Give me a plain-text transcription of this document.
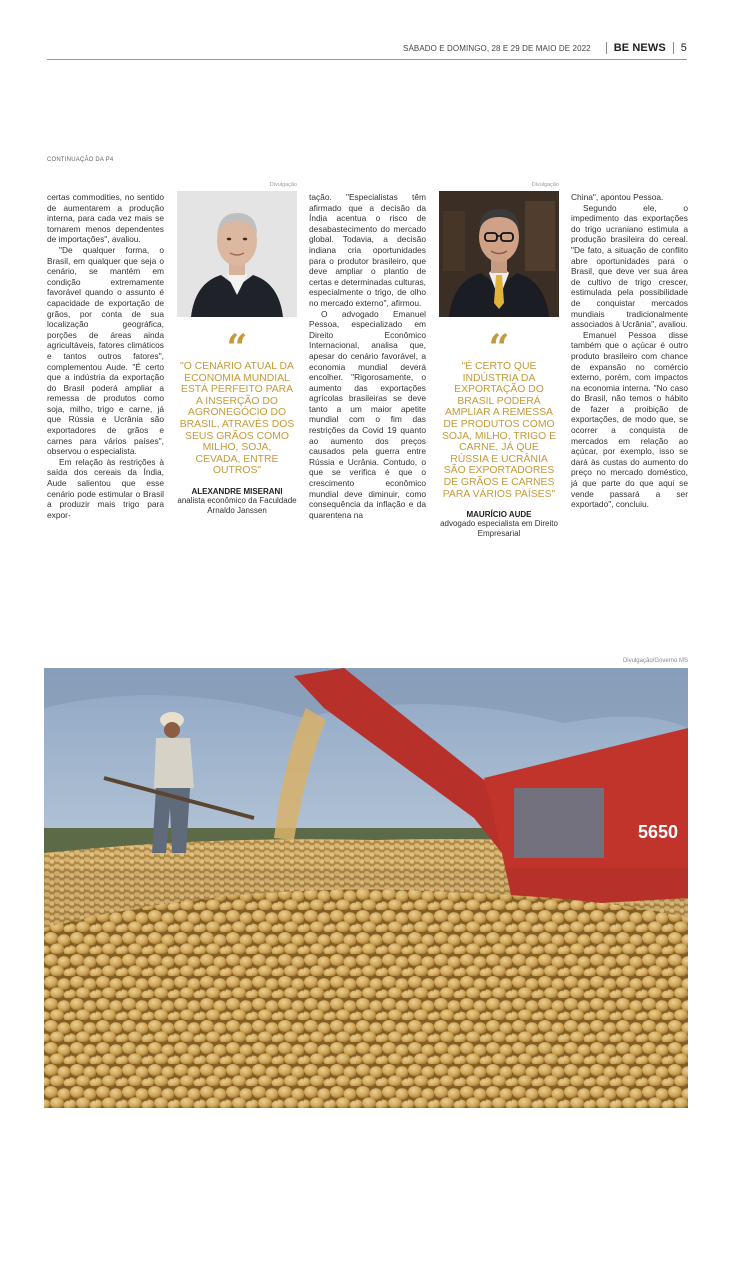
SÁBADO E DOMINGO, 28 E 29 DE MAIO DE 2022 BE NEWS 5
CONTINUAÇÃO DA P4

certas commodities, no sentido de aumentarem a produção interna, para cada vez mais se tornarem menos dependentes de importações", avaliou.

"De qualquer forma, o Brasil, em qualquer que seja o cenário, se mantém em condição extremamente favorável quando o assunto é capacidade de exportação de grãos, por conta de sua localização geográfica, porções de áreas ainda agricultáveis, fatores climáticos e tantos outros fatores", complementou Aude. "É certo que a indústria da exportação do Brasil poderá ampliar a remessa de produtos como soja, milho, trigo e carne, já que Rússia e Ucrânia são exportadores de grãos e carnes para vários países", observou o especialista.

Em relação às restrições à saída dos cereais da Índia, Aude salientou que esse cenário pode estimular o Brasil a produzir mais trigo para expor-

Divulgação
“
"O CENÁRIO ATUAL DA ECONOMIA MUNDIAL ESTÁ PERFEITO PARA A INSERÇÃO DO AGRONEGÓCIO DO BRASIL, ATRAVÉS DOS SEUS GRÃOS COMO MILHO, SOJA, CEVADA, ENTRE OUTROS"
ALEXANDRE MISERANI
analista econômico da Faculdade Arnaldo Janssen

tação. "Especialistas têm afirmado que a decisão da Índia acentua o risco de desabastecimento do mercado global. Todavia, a decisão indiana cria oportunidades para o produtor brasileiro, que deve ampliar o plantio de certas e determinadas culturas, especialmente o trigo, de olho no mercado externo", afirmou.

O advogado Emanuel Pessoa, especializado em Direito Econômico Internacional, analisa que, apesar do cenário favorável, a economia mundial deverá encolher. "Rigorosamente, o aumento das exportações agrícolas brasileiras se deve tanto a um maior apetite mundial com o fim das restrições da Covid 19 quanto ao aumento dos preços causados pela guerra entre Rússia e Ucrânia. Contudo, o que se verifica é que o crescimento econômico mundial deve diminuir, como consequência da inflação e da quarentena na

Divulgação
“
"É CERTO QUE INDÚSTRIA DA EXPORTAÇÃO DO BRASIL PODERÁ AMPLIAR A REMESSA DE PRODUTOS COMO SOJA, MILHO, TRIGO E CARNE, JÁ QUE RÚSSIA E UCRÂNIA SÃO EXPORTADORES DE GRÃOS E CARNES PARA VÁRIOS PAÍSES"
MAURÍCIO AUDE
advogado especialista em Direito Empresarial

China", apontou Pessoa.

Segundo ele, o impedimento das exportações do trigo ucraniano estimula a produção brasileira do cereal. "De fato, a situação de conflito abre oportunidades para o Brasil, que deve ver sua área de cultivo de trigo crescer, estimulada pela possibilidade de conquistar mercados mundiais tradicionalmente associados à Ucrânia", avaliou.

Emanuel Pessoa disse também que o açúcar é outro produto brasileiro com chance de expansão no comércio externo, porém, com impactos na economia interna. "No caso do Brasil, não temos o hábito de fazer a proibição de exportações, de modo que, se ocorrer a conquista de mercados em relação ao açúcar, por exemplo, isso se dará às custas do aumento do preço no mercado doméstico, já que parte do que aqui se vende passará a ser exportado", concluiu.

Divulgação/Governo MS
5650
